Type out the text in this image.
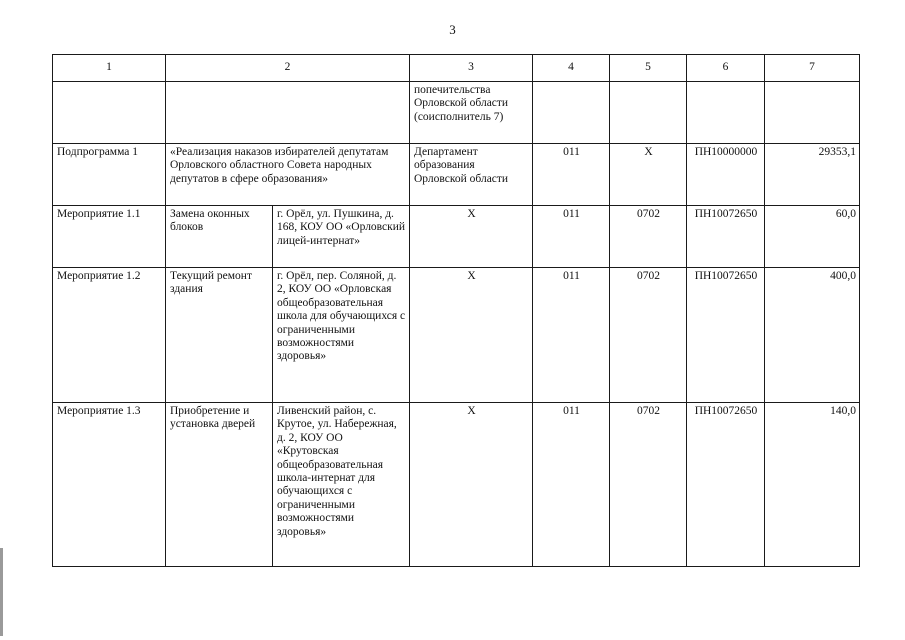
3
1	2		3	4	5	6	7
			попечительства Орловской области (соисполнитель 7)				
Подпрограмма 1	«Реализация наказов избирателей депутатам Орловского областного Совета народных депутатов в сфере образования»		Департамент образования Орловской области	011	Х	ПН10000000	29353,1
Мероприятие 1.1	Замена оконных блоков	г. Орёл, ул. Пушкина, д. 168, КОУ ОО «Орловский лицей-интернат»	Х	011	0702	ПН10072650	60,0
Мероприятие 1.2	Текущий ремонт здания	г. Орёл, пер. Соляной, д. 2, КОУ ОО «Орловская общеобразовательная школа для обучающихся с ограниченными возможностями здоровья»	Х	011	0702	ПН10072650	400,0
Мероприятие 1.3	Приобретение и установка дверей	Ливенский район, с. Крутое, ул. Набережная, д. 2, КОУ ОО «Крутовская общеобразовательная школа-интернат для обучающихся с ограниченными возможностями здоровья»	Х	011	0702	ПН10072650	140,0
